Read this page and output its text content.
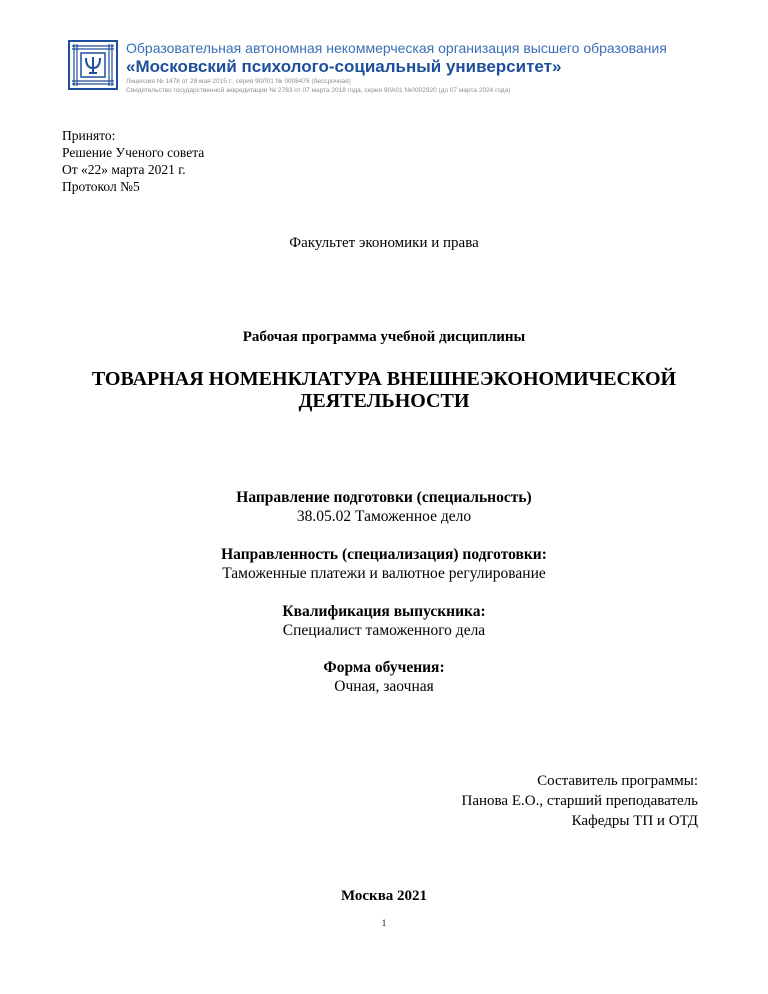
Образовательная автономная некоммерческая организация высшего образования
«Московский психолого-социальный университет»
Лицензия № 1478 от 28 мая 2015 г., серия 90Л01 № 0008476 (бессрочная)
Свидетельство государственной аккредитации № 2783 от 07 марта 2018 года, серия 90А01 №0002920 (до 07 марта 2024 года)
Принято:
Решение Ученого совета
От «22» марта 2021 г.
Протокол №5
Факультет экономики и права
Рабочая программа учебной дисциплины
ТОВАРНАЯ НОМЕНКЛАТУРА ВНЕШНЕЭКОНОМИЧЕСКОЙ
ДЕЯТЕЛЬНОСТИ
Направление подготовки (специальность)
38.05.02 Таможенное дело
Направленность (специализация) подготовки:
Таможенные платежи и валютное регулирование
Квалификация выпускника:
Специалист таможенного дела
Форма обучения:
Очная, заочная
Составитель программы:
Панова Е.О., старший преподаватель
Кафедры ТП и ОТД
Москва 2021
1
